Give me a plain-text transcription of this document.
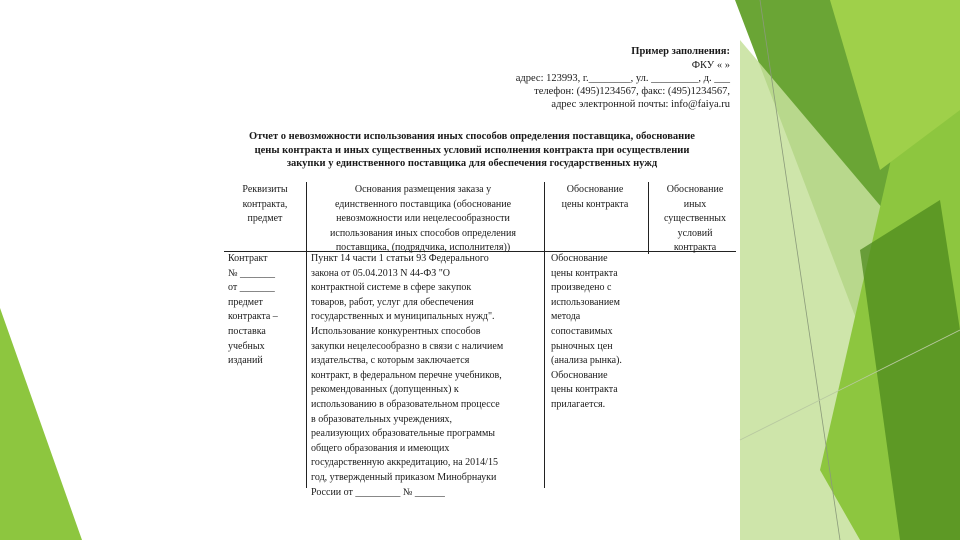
Пример заполнения:
ФКУ « »
адрес: 123993, г.________, ул. _________, д. ___
телефон: (495)1234567, факс: (495)1234567,
адрес электронной почты: info@faiya.ru
Отчет о невозможности использования иных способов определения поставщика, обоснование
цены контракта и иных существенных условий исполнения контракта при осуществлении
закупки у единственного поставщика для обеспечения государственных нужд
Реквизиты
контракта,
предмет
Основания размещения заказа у
единственного поставщика (обоснование
невозможности или нецелесообразности
использования иных способов определения
поставщика, (подрядчика, исполнителя))
Обоснование
цены контракта
Обоснование
иных
существенных
условий
контракта
Контракт
№ _______
от _______
предмет
контракта –
поставка
учебных
изданий
Пункт 14 части 1 статьи 93 Федерального
закона от 05.04.2013 N 44-ФЗ "О
контрактной системе в сфере закупок
товаров, работ, услуг для обеспечения
государственных и муниципальных нужд".
Использование конкурентных способов
закупки нецелесообразно в связи с наличием
издательства, с которым заключается
контракт, в федеральном перечне учебников,
рекомендованных (допущенных) к
использованию в образовательном процессе
в образовательных учреждениях,
реализующих образовательные программы
общего образования и имеющих
государственную аккредитацию, на 2014/15
год, утвержденный приказом Минобрнауки
России от _________ № ______
Обоснование
цены контракта
произведено с
использованием
метода
сопоставимых
рыночных цен
(анализа рынка).
Обоснование
цены контракта
прилагается.
